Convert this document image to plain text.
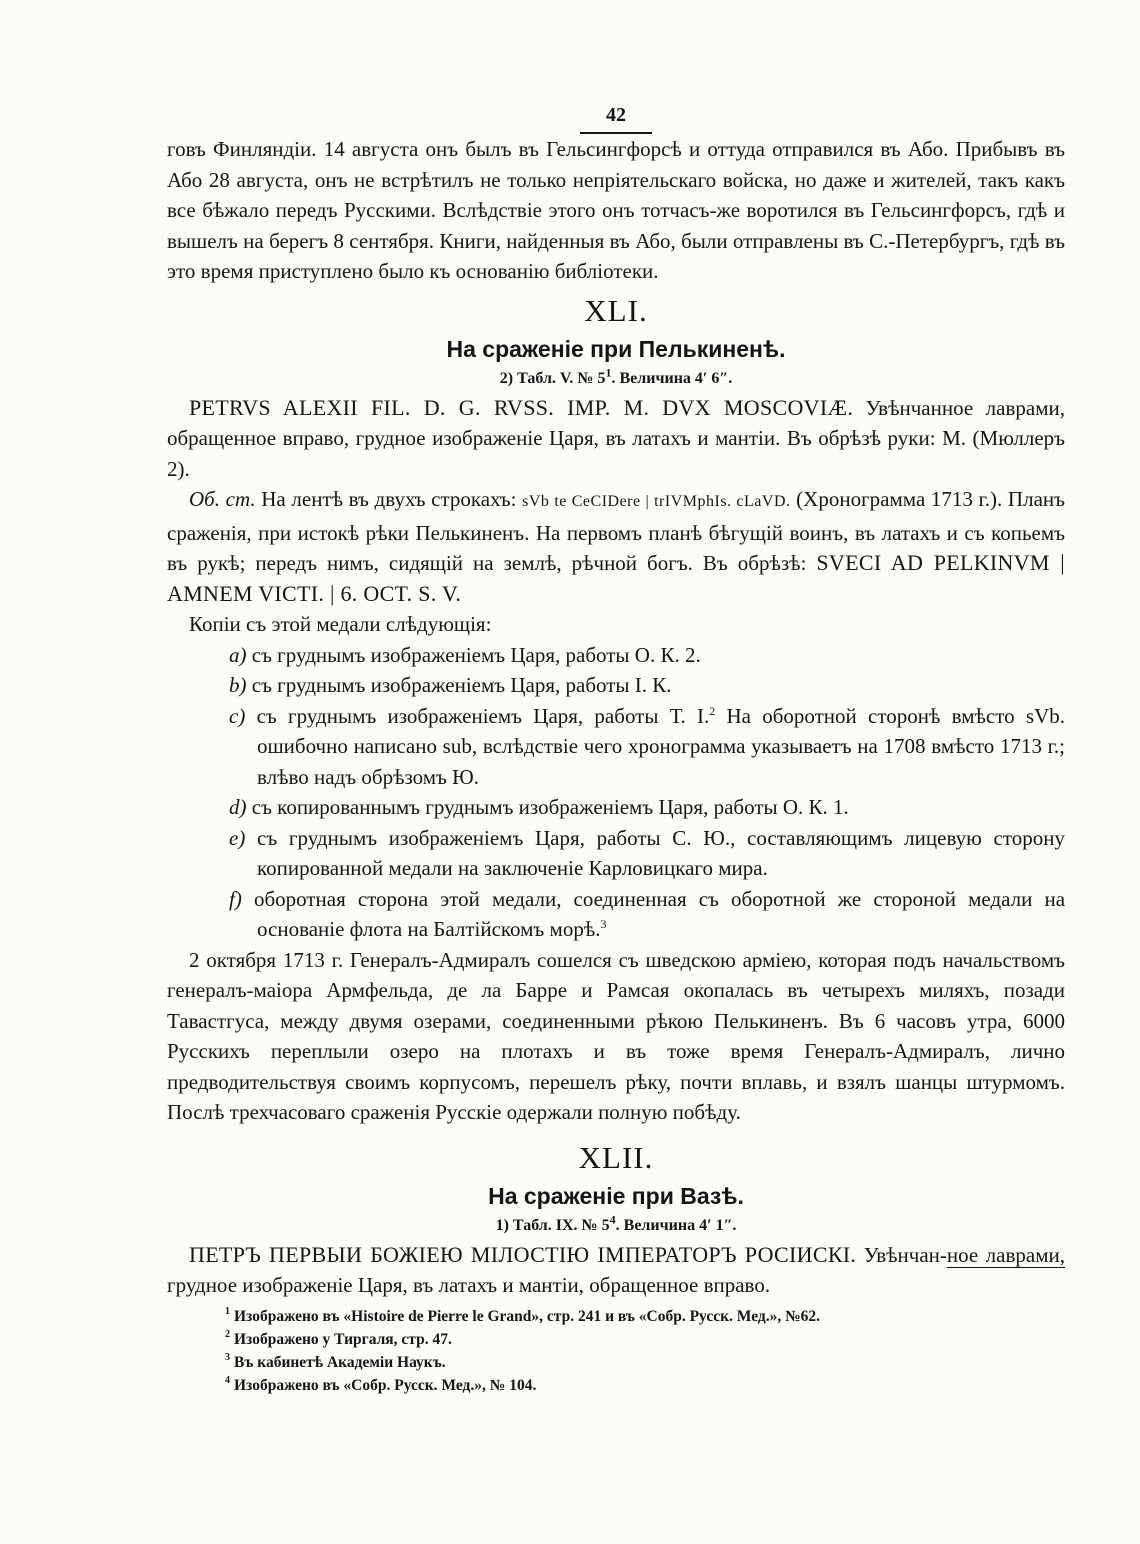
42

говъ Финляндіи. 14 августа онъ былъ въ Гельсингфорсѣ и оттуда отправился въ Або. Прибывъ въ Або 28 августа, онъ не встрѣтилъ не только непріятельскаго войска, но даже и жителей, такъ какъ все бѣжало передъ Русскими. Вслѣдствіе этого онъ тотчасъ-же воротился въ Гельсингфорсъ, гдѣ и вышелъ на берегъ 8 сентября. Книги, найденныя въ Або, были отправлены въ С.-Петербургъ, гдѣ въ это время приступлено было къ основанію библіотеки.

XLI.
На сраженіе при Пелькиненѣ.
2) Табл. V. № $5^1$. Величина 4′ 6″.

PETRVS ALEXII FIL. D. G. RVSS. IMP. M. DVX MOSCOVIÆ. Увѣнчанное лаврами, обращенное вправо, грудное изображеніе Царя, въ латахъ и мантіи. Въ обрѣзѣ руки: М. (Мюллеръ 2).

Об. ст. На лентѣ въ двухъ строкахъ: sVb te CeCIDere | trIVMphIs. cLaVD. (Хронограмма 1713 г.). Планъ сраженія, при истокѣ рѣки Пелькиненъ. На первомъ планѣ бѣгущій воинъ, въ латахъ и съ копьемъ въ рукѣ; передъ нимъ, сидящій на землѣ, рѣчной богъ. Въ обрѣзѣ: SVECI AD PELKINVM | AMNEM VICTI. | 6. OCT. S. V.

Копіи съ этой медали слѣдующія:

a) съ груднымъ изображеніемъ Царя, работы О. К. 2.
b) съ груднымъ изображеніемъ Царя, работы І. К.
c) съ груднымъ изображеніемъ Царя, работы Т. І.$^2$ На оборотной сторонѣ вмѣсто sVb. ошибочно написано sub, вслѣдствіе чего хронограмма указываетъ на 1708 вмѣсто 1713 г.; влѣво надъ обрѣзомъ Ю.
d) съ копированнымъ груднымъ изображеніемъ Царя, работы О. К. 1.
e) съ груднымъ изображеніемъ Царя, работы С. Ю., составляющимъ лицевую сторону копированной медали на заключеніе Карловицкаго мира.
f) оборотная сторона этой медали, соединенная съ оборотной же стороной медали на основаніе флота на Балтійскомъ морѣ.$^3$

2 октября 1713 г. Генералъ-Адмиралъ сошелся съ шведскою арміею, которая подъ начальствомъ генералъ-маіора Армфельда, де ла Барре и Рамсая окопалась въ четырехъ миляхъ, позади Тавастгуса, между двумя озерами, соединенными рѣкою Пелькиненъ. Въ 6 часовъ утра, 6000 Русскихъ переплыли озеро на плотахъ и въ тоже время Генералъ-Адмиралъ, лично предводительствуя своимъ корпусомъ, перешелъ рѣку, почти вплавь, и взялъ шанцы штурмомъ. Послѣ трехчасоваго сраженія Русскіе одержали полную побѣду.

XLII.
На сраженіе при Вазѣ.
1) Табл. IX. № $5^4$. Величина 4′ 1″.

ПЕТРЪ ПЕРВЫИ БОЖІЕЮ МІЛОСТІЮ ІМПЕРАТОРЪ РОСІИСКІ. Увѣнчан-ное лаврами, грудное изображеніе Царя, въ латахъ и мантіи, обращенное вправо.

$^1$ Изображено въ «Histoire de Pierre le Grand», стр. 241 и въ «Собр. Русск. Мед.», №62.
$^2$ Изображено у Тиргаля, стр. 47.
$^3$ Въ кабинетѣ Академіи Наукъ.
$^4$ Изображено въ «Собр. Русск. Мед.», № 104.
